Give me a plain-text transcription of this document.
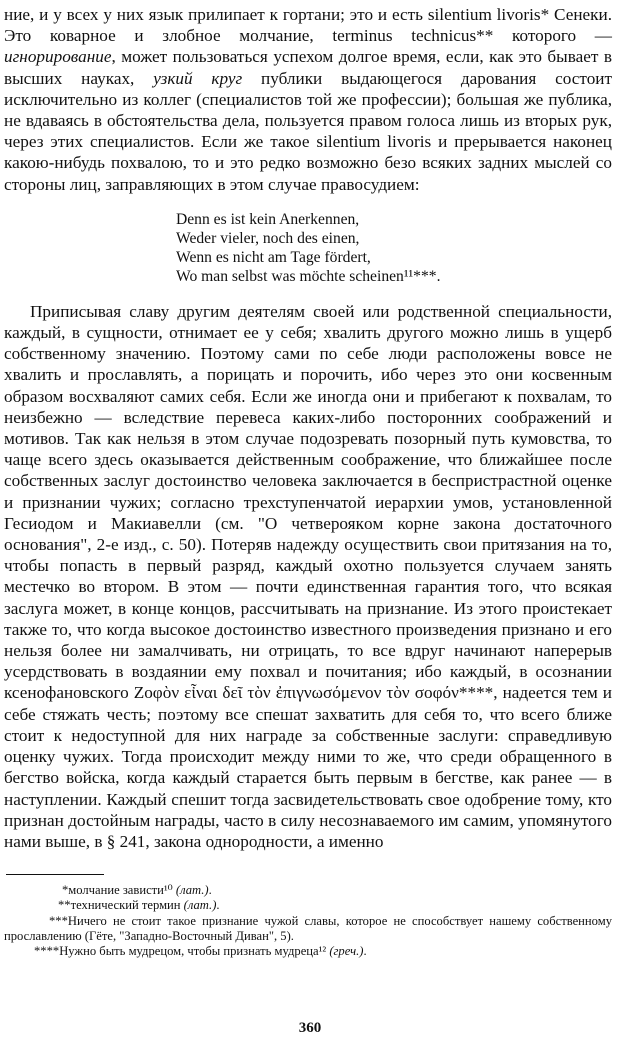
ние, и у всех у них язык прилипает к гортани; это и есть silentium livoris* Сенеки. Это коварное и злобное молчание, terminus technicus** которого — игнорирование, может пользоваться успехом долгое время, если, как это бывает в высших науках, узкий круг публики выдающегося дарования состоит исключительно из коллег (специалистов той же профессии); большая же публика, не вдаваясь в обстоятельства дела, пользуется правом голоса лишь из вторых рук, через этих специалистов. Если же такое silentium livoris и прерывается наконец какою-нибудь похвалою, то и это редко возможно безо всяких задних мыслей со стороны лиц, заправляющих в этом случае правосудием:

Denn es ist kein Anerkennen,
Weder vieler, noch des einen,
Wenn es nicht am Tage fördert,
Wo man selbst was möchte scheinen¹¹***.

Приписывая славу другим деятелям своей или родственной специальности, каждый, в сущности, отнимает ее у себя; хвалить другого можно лишь в ущерб собственному значению. Поэтому сами по себе люди расположены вовсе не хвалить и прославлять, а порицать и порочить, ибо через это они косвенным образом восхваляют самих себя. Если же иногда они и прибегают к похвалам, то неизбежно — вследствие перевеса каких-либо посторонних соображений и мотивов. Так как нельзя в этом случае подозревать позорный путь кумовства, то чаще всего здесь оказывается действенным соображение, что ближайшее после собственных заслуг достоинство человека заключается в беспристрастной оценке и признании чужих; согласно трехступенчатой иерархии умов, установленной Гесиодом и Макиавелли (см. "О четвероякoм корне закона достаточного основания", 2-е изд., с. 50). Потеряв надежду осуществить свои притязания на то, чтобы попасть в первый разряд, каждый охотно пользуется случаем занять местечко во втором. В этом — почти единственная гарантия того, что всякая заслуга может, в конце концов, рассчитывать на признание. Из этого проистекает также то, что когда высокое достоинство известного произведения признано и его нельзя более ни замалчивать, ни отрицать, то все вдруг начинают наперерыв усердствовать в воздаянии ему похвал и почитания; ибо каждый, в осознании ксенофановского Ζοφὸν εἶναι δεῖ τὸν ἐπιγνωσόμενον τὸν σοφόν****, надеется тем и себе стяжать честь; поэтому все спешат захватить для себя то, что всего ближе стоит к недоступной для них награде за собственные заслуги: справедливую оценку чужих. Тогда происходит между ними то же, что среди обращенного в бегство войска, когда каждый старается быть первым в бегстве, как ранее — в наступлении. Каждый спешит тогда засвидетельствовать свое одобрение тому, кто признан достойным награды, часто в силу несознаваемого им самим, упомянутого нами выше, в § 241, закона однородности, а именно

*молчание зависти¹⁰ (лат.).

**технический термин (лат.).

***Ничего не стоит такое признание чужой славы, которое не способствует нашему собственному прославлению (Гёте, "Западно-Восточный Диван", 5).

****Нужно быть мудрецом, чтобы признать мудреца¹² (греч.).

360
